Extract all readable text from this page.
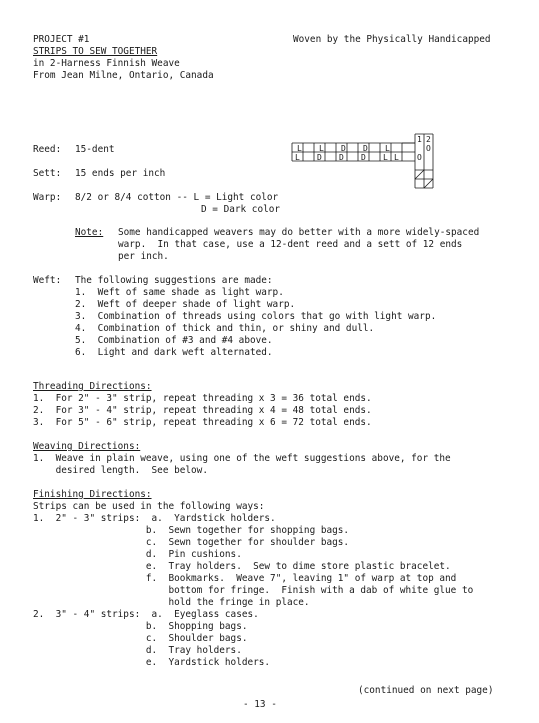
PROJECT #1
STRIPS TO SEW TOGETHER
in 2-Harness Finnish Weave
From Jean Milne, Ontario, Canada
Woven by the Physically Handicapped
Reed: 15-dent
Sett: 15 ends per inch
Warp: 8/2 or 8/4 cotton -- L = Light color
D = Dark color
L L D D L
L D D D L L
1 2
O
O
Note: Some handicapped weavers may do better with a more widely-spaced
warp.  In that case, use a 12-dent reed and a sett of 12 ends
per inch.
Weft: The following suggestions are made:
1.  Weft of same shade as light warp.
2.  Weft of deeper shade of light warp.
3.  Combination of threads using colors that go with light warp.
4.  Combination of thick and thin, or shiny and dull.
5.  Combination of #3 and #4 above.
6.  Light and dark weft alternated.
Threading Directions:
1.  For 2" - 3" strip, repeat threading x 3 = 36 total ends.
2.  For 3" - 4" strip, repeat threading x 4 = 48 total ends.
3.  For 5" - 6" strip, repeat threading x 6 = 72 total ends.
Weaving Directions:
1.  Weave in plain weave, using one of the weft suggestions above, for the
desired length.  See below.
Finishing Directions:
Strips can be used in the following ways:
1.  2" - 3" strips:  a.  Yardstick holders.
b.  Sewn together for shopping bags.
c.  Sewn together for shoulder bags.
d.  Pin cushions.
e.  Tray holders.  Sew to dime store plastic bracelet.
f.  Bookmarks.  Weave 7", leaving 1" of warp at top and
bottom for fringe.  Finish with a dab of white glue to
hold the fringe in place.
2.  3" - 4" strips:  a.  Eyeglass cases.
b.  Shopping bags.
c.  Shoulder bags.
d.  Tray holders.
e.  Yardstick holders.
(continued on next page)
- 13 -
